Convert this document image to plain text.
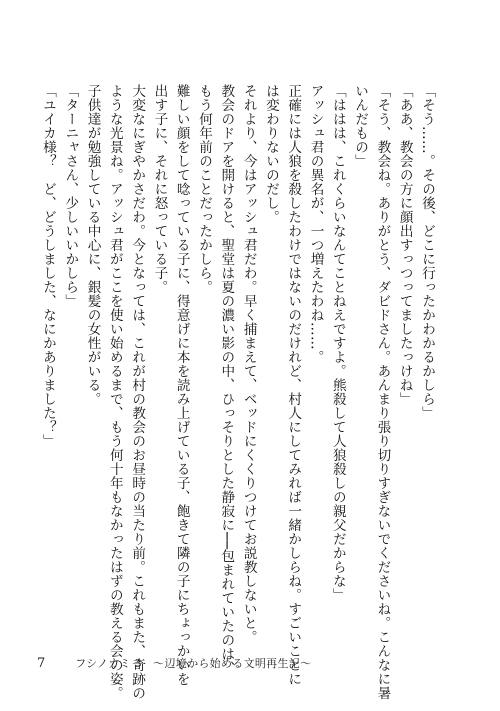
「そう……。その後、どこに行ったかわかるかしら」
「ああ、教会の方に顔出すっつってましたっけね」
「そう、教会ね。ありがとう、ダビドさん。あんまり張り切りすぎないでくださいね。こんなに暑
いんだもの」
「ははは、これくらいなんてことねえですよ。熊殺して人狼殺しの親父だからな」
アッシュ君の異名が、一つ増えたわね……。
正確には人狼を殺したわけではないのだけれど、村人にしてみれば一緒かしらね。すごいことに
は変わりないのだし。
それより、今はアッシュ君だわ。早く捕まえて、ベッドにくくりつけてお説教しないと。
教会のドアを開けると、聖堂は夏の濃い影の中、ひっそりとした静寂に──包まれていたのは、
もう何年前のことだったかしら。
難しい顔をして唸っている子に、得意げに本を読み上げている子、飽きて隣の子にちょっかいを
出す子に、それに怒っている子。
大変なにぎやかさだわ。今となっては、これが村の教会のお昼時の当たり前。これもまた、奇跡の
ような光景ね。アッシュ君がここを使い始めるまで、もう何十年もなかったはずの教える会の姿。
子供達が勉強している中心に、銀髪の女性がいる。
「ターニャさん、少しいいかしら」
「ユイカ様？　ど、どうしました、なにかありました？」
7	フシノカミ 3　～辺境から始める文明再生記～
